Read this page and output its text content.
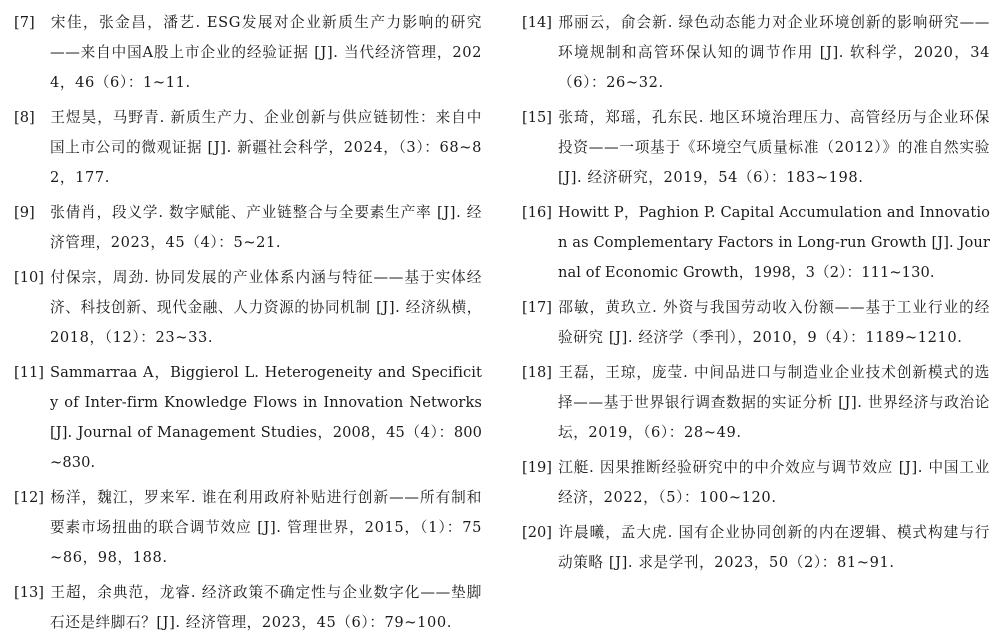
[7] 宋佳，张金昌，潘艺. ESG发展对企业新质生产力影响的研究——来自中国A股上市企业的经验证据 [J]. 当代经济管理，2024，46（6）：1~11.
[8] 王煜昊，马野青. 新质生产力、企业创新与供应链韧性：来自中国上市公司的微观证据 [J]. 新疆社会科学，2024，（3）：68~82，177.
[9] 张倩肖，段义学. 数字赋能、产业链整合与全要素生产率 [J]. 经济管理，2023，45（4）：5~21.
[10] 付保宗，周劲. 协同发展的产业体系内涵与特征——基于实体经济、科技创新、现代金融、人力资源的协同机制 [J]. 经济纵横，2018，（12）：23~33.
[11] Sammarraa A，Biggierol L. Heterogeneity and Specificity of Inter-firm Knowledge Flows in Innovation Networks [J]. Journal of Management Studies，2008，45（4）：800~830.
[12] 杨洋，魏江，罗来军. 谁在利用政府补贴进行创新——所有制和要素市场扭曲的联合调节效应 [J]. 管理世界，2015，（1）：75~86，98，188.
[13] 王超，余典范，龙睿. 经济政策不确定性与企业数字化——垫脚石还是绊脚石？[J]. 经济管理，2023，45（6）：79~100.
[14] 邢丽云，俞会新. 绿色动态能力对企业环境创新的影响研究——环境规制和高管环保认知的调节作用 [J]. 软科学，2020，34（6）：26~32.
[15] 张琦，郑瑶，孔东民. 地区环境治理压力、高管经历与企业环保投资——一项基于《环境空气质量标准（2012）》的准自然实验 [J]. 经济研究，2019，54（6）：183~198.
[16] Howitt P，Paghion P. Capital Accumulation and Innovation as Complementary Factors in Long-run Growth [J]. Journal of Economic Growth，1998，3（2）：111~130.
[17] 邵敏，黄玖立. 外资与我国劳动收入份额——基于工业行业的经验研究 [J]. 经济学（季刊），2010，9（4）：1189~1210.
[18] 王磊，王琼，庞莹. 中间品进口与制造业企业技术创新模式的选择——基于世界银行调查数据的实证分析 [J]. 世界经济与政治论坛，2019，（6）：28~49.
[19] 江艇. 因果推断经验研究中的中介效应与调节效应 [J]. 中国工业经济，2022，（5）：100~120.
[20] 许晨曦，孟大虎. 国有企业协同创新的内在逻辑、模式构建与行动策略 [J]. 求是学刊，2023，50（2）：81~91.
